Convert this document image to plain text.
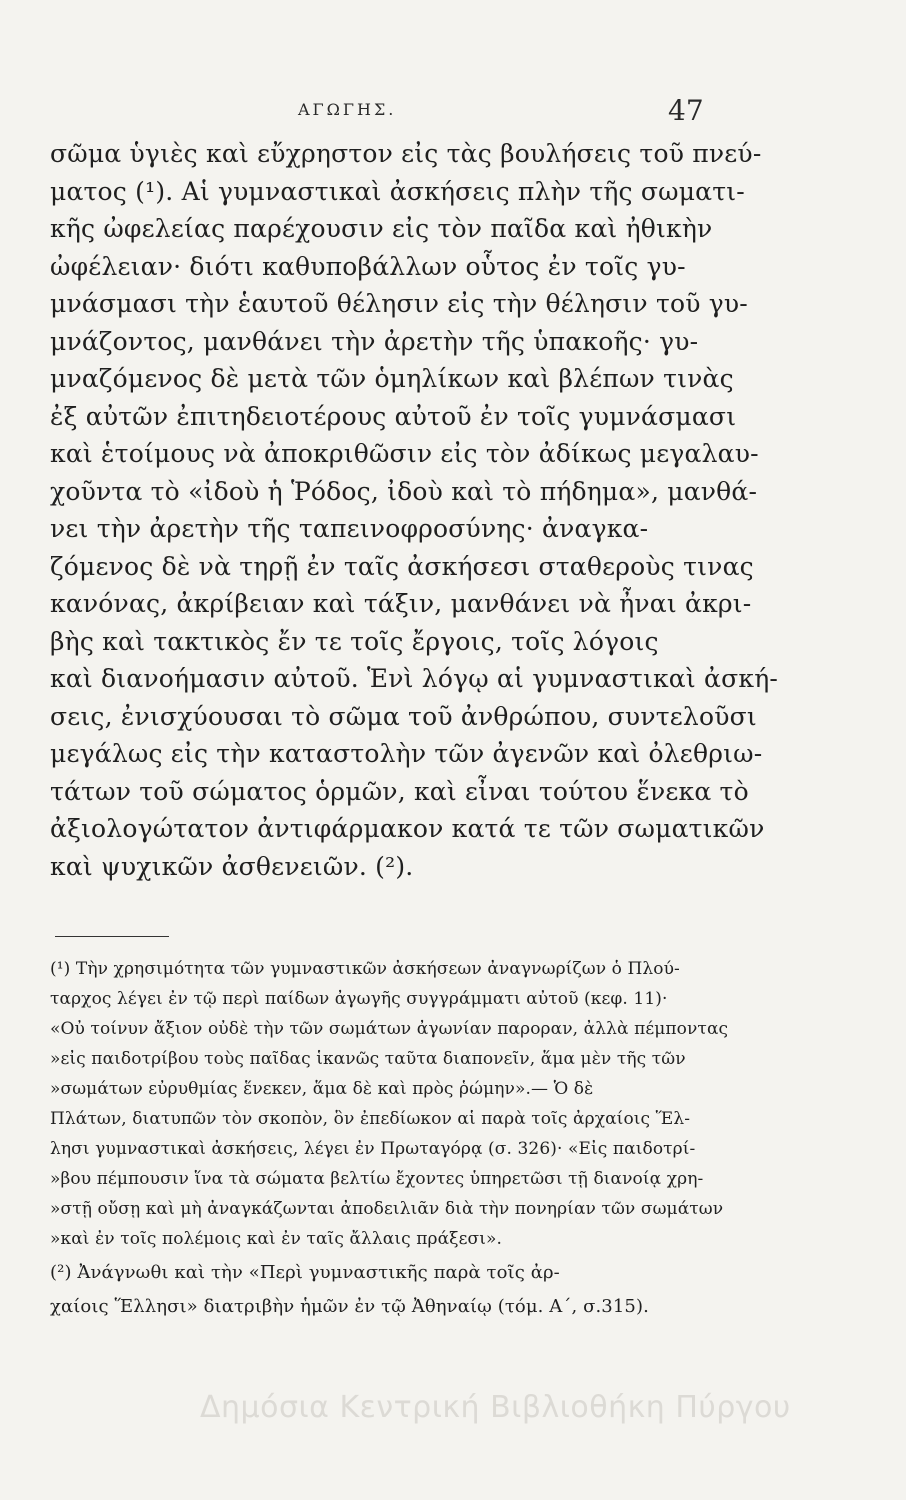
ΑΓΩΓΗΣ.	47
σῶμα ὑγιὲς καὶ εὔχρηστον εἰς τὰς βουλήσεις τοῦ πνεύ-
ματος (¹). Αἱ γυμναστικαὶ ἀσκήσεις πλὴν τῆς σωματι-
κῆς ὠφελείας παρέχουσιν εἰς τὸν παῖδα καὶ ἠθικὴν
ὠφέλειαν· διότι καθυποβάλλων οὗτος ἐν τοῖς γυ-
μνάσμασι τὴν ἑαυτοῦ θέλησιν εἰς τὴν θέλησιν τοῦ γυ-
μνάζοντος, μανθάνει τὴν ἀρετὴν τῆς ὑπακοῆς· γυ-
μναζόμενος δὲ μετὰ τῶν ὁμηλίκων καὶ βλέπων τινὰς
ἐξ αὐτῶν ἐπιτηδειοτέρους αὐτοῦ ἐν τοῖς γυμνάσμασι
καὶ ἑτοίμους νὰ ἀποκριθῶσιν εἰς τὸν ἀδίκως μεγαλαυ-
χοῦντα τὸ «ἰδοὺ ἡ Ῥόδος, ἰδοὺ καὶ τὸ πήδημα», μανθά-
νει τὴν ἀρετὴν τῆς ταπεινοφροσύνης· ἀναγκα-
ζόμενος δὲ νὰ τηρῇ ἐν ταῖς ἀσκήσεσι σταθεροὺς τινας
κανόνας, ἀκρίβειαν καὶ τάξιν, μανθάνει νὰ ἦναι ἀκρι-
βὴς καὶ τακτικὸς ἔν τε τοῖς ἔργοις, τοῖς λόγοις
καὶ διανοήμασιν αὐτοῦ. Ἑνὶ λόγῳ αἱ γυμναστικαὶ ἀσκή-
σεις, ἐνισχύουσαι τὸ σῶμα τοῦ ἀνθρώπου, συντελοῦσι
μεγάλως εἰς τὴν καταστολὴν τῶν ἀγενῶν καὶ ὀλεθριω-
τάτων τοῦ σώματος ὁρμῶν, καὶ εἶναι τούτου ἕνεκα τὸ
ἀξιολογώτατον ἀντιφάρμακον κατά τε τῶν σωματικῶν
καὶ ψυχικῶν ἀσθενειῶν. (²).
(¹) Τὴν χρησιμότητα τῶν γυμναστικῶν ἀσκήσεων ἀναγνωρίζων ὁ Πλού-
ταρχος λέγει ἐν τῷ περὶ παίδων ἀγωγῆς συγγράμματι αὐτοῦ (κεφ. 11)·
«Οὐ τοίνυν ἄξιον οὐδὲ τὴν τῶν σωμάτων ἀγωνίαν παροραν, ἀλλὰ πέμποντας
»εἰς παιδοτρίβου τοὺς παῖδας ἱκανῶς ταῦτα διαπονεῖν, ἅμα μὲν τῆς τῶν
»σωμάτων εὐρυθμίας ἕνεκεν, ἅμα δὲ καὶ πρὸς ῥώμην».— Ὁ δὲ
Πλάτων, διατυπῶν τὸν σκοπὸν, ὃν ἐπεδίωκον αἱ παρὰ τοῖς ἀρχαίοις Ἕλ-
λησι γυμναστικαὶ ἀσκήσεις, λέγει ἐν Πρωταγόρᾳ (σ. 326)· «Εἰς παιδοτρί-
»βου πέμπουσιν ἵνα τὰ σώματα βελτίω ἔχοντες ὑπηρετῶσι τῇ διανοίᾳ χρη-
»στῇ οὔσῃ καὶ μὴ ἀναγκάζωνται ἀποδειλιᾶν διὰ τὴν πονηρίαν τῶν σωμάτων
»καὶ ἐν τοῖς πολέμοις καὶ ἐν ταῖς ἄλλαις πράξεσι».
(²) Ἀνάγνωθι καὶ τὴν «Περὶ γυμναστικῆς παρὰ τοῖς ἀρ-
χαίοις Ἕλλησι» διατριβὴν ἡμῶν ἐν τῷ Ἀθηναίῳ (τόμ. Α΄, σ.315).
Δημόσια Κεντρική Βιβλιοθήκη Πύργου
